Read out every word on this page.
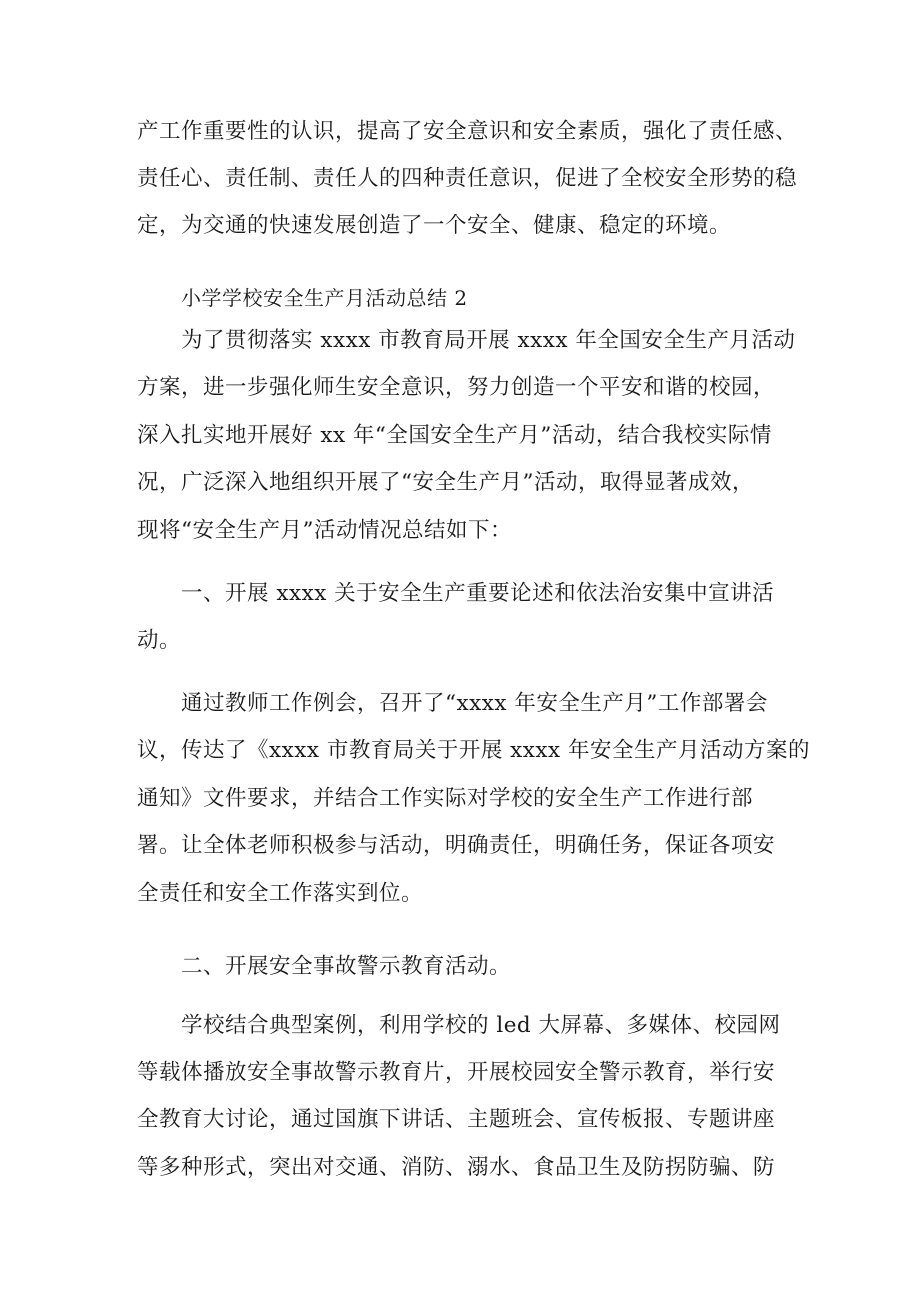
产工作重要性的认识，提高了安全意识和安全素质，强化了责任感、
责任心、责任制、责任人的四种责任意识，促进了全校安全形势的稳
定，为交通的快速发展创造了一个安全、健康、稳定的环境。
小学学校安全生产月活动总结 2
为了贯彻落实 xxxx 市教育局开展 xxxx 年全国安全生产月活动
方案，进一步强化师生安全意识，努力创造一个平安和谐的校园，
深入扎实地开展好 xx 年“全国安全生产月”活动，结合我校实际情
况，广泛深入地组织开展了“安全生产月”活动，取得显著成效，
现将“安全生产月”活动情况总结如下：
一、开展 xxxx 关于安全生产重要论述和依法治安集中宣讲活
动。
通过教师工作例会，召开了“xxxx 年安全生产月”工作部署会
议，传达了《xxxx 市教育局关于开展 xxxx 年安全生产月活动方案的
通知》文件要求，并结合工作实际对学校的安全生产工作进行部
署。让全体老师积极参与活动，明确责任，明确任务，保证各项安
全责任和安全工作落实到位。
二、开展安全事故警示教育活动。
学校结合典型案例，利用学校的 led 大屏幕、多媒体、校园网
等载体播放安全事故警示教育片，开展校园安全警示教育，举行安
全教育大讨论，通过国旗下讲话、主题班会、宣传板报、专题讲座
等多种形式，突出对交通、消防、溺水、食品卫生及防拐防骗、防
